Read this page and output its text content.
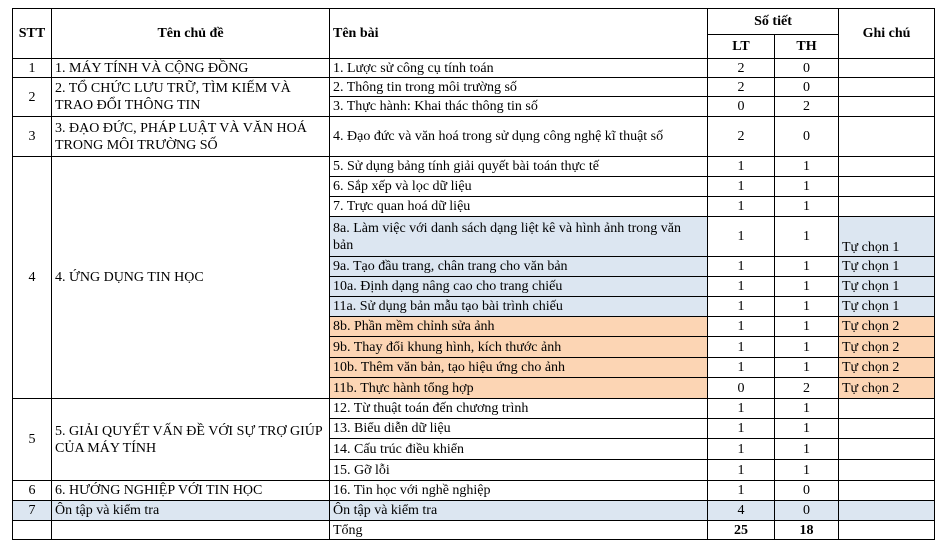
STT	Tên chủ đề	Tên bài	Số tiết		Ghi chú
			LT	TH	
1	1. MÁY TÍNH VÀ CỘNG ĐỒNG	1. Lược sử công cụ tính toán	2	0	
2	2. TỔ CHỨC LƯU TRỮ, TÌM KIẾM VÀ TRAO ĐỔI THÔNG TIN	2. Thông tin trong môi trường số	2	0	
		3. Thực hành: Khai thác thông tin số	0	2	
3	3. ĐẠO ĐỨC, PHÁP LUẬT VÀ VĂN HOÁ TRONG MÔI TRƯỜNG SỐ	4. Đạo đức và văn hoá trong sử dụng công nghệ kĩ thuật số	2	0	
4	4. ỨNG DỤNG TIN HỌC	5. Sử dụng bảng tính giải quyết bài toán thực tế	1	1	
		6. Sắp xếp và lọc dữ liệu	1	1	
		7. Trực quan hoá dữ liệu	1	1	
		8a. Làm việc với danh sách dạng liệt kê và hình ảnh trong văn bản	1	1	Tự chọn 1
		9a. Tạo đầu trang, chân trang cho văn bản	1	1	Tự chọn 1
		10a. Định dạng nâng cao cho trang chiếu	1	1	Tự chọn 1
		11a. Sử dụng bản mẫu tạo bài trình chiếu	1	1	Tự chọn 1
		8b. Phần mềm chỉnh sửa ảnh	1	1	Tự chọn 2
		9b. Thay đổi khung hình, kích thước ảnh	1	1	Tự chọn 2
		10b. Thêm văn bản, tạo hiệu ứng cho ảnh	1	1	Tự chọn 2
		11b. Thực hành tổng hợp	0	2	Tự chọn 2
5	5. GIẢI QUYẾT VẤN ĐỀ VỚI SỰ TRỢ GIÚP CỦA MÁY TÍNH	12. Từ thuật toán đến chương trình	1	1	
		13. Biểu diễn dữ liệu	1	1	
		14. Cấu trúc điều khiển	1	1	
		15. Gỡ lỗi	1	1	
6	6. HƯỚNG NGHIỆP VỚI TIN HỌC	16. Tin học với nghề nghiệp	1	0	
7	Ôn tập và kiểm tra	Ôn tập và kiểm tra	4	0	
		Tổng	25	18	
